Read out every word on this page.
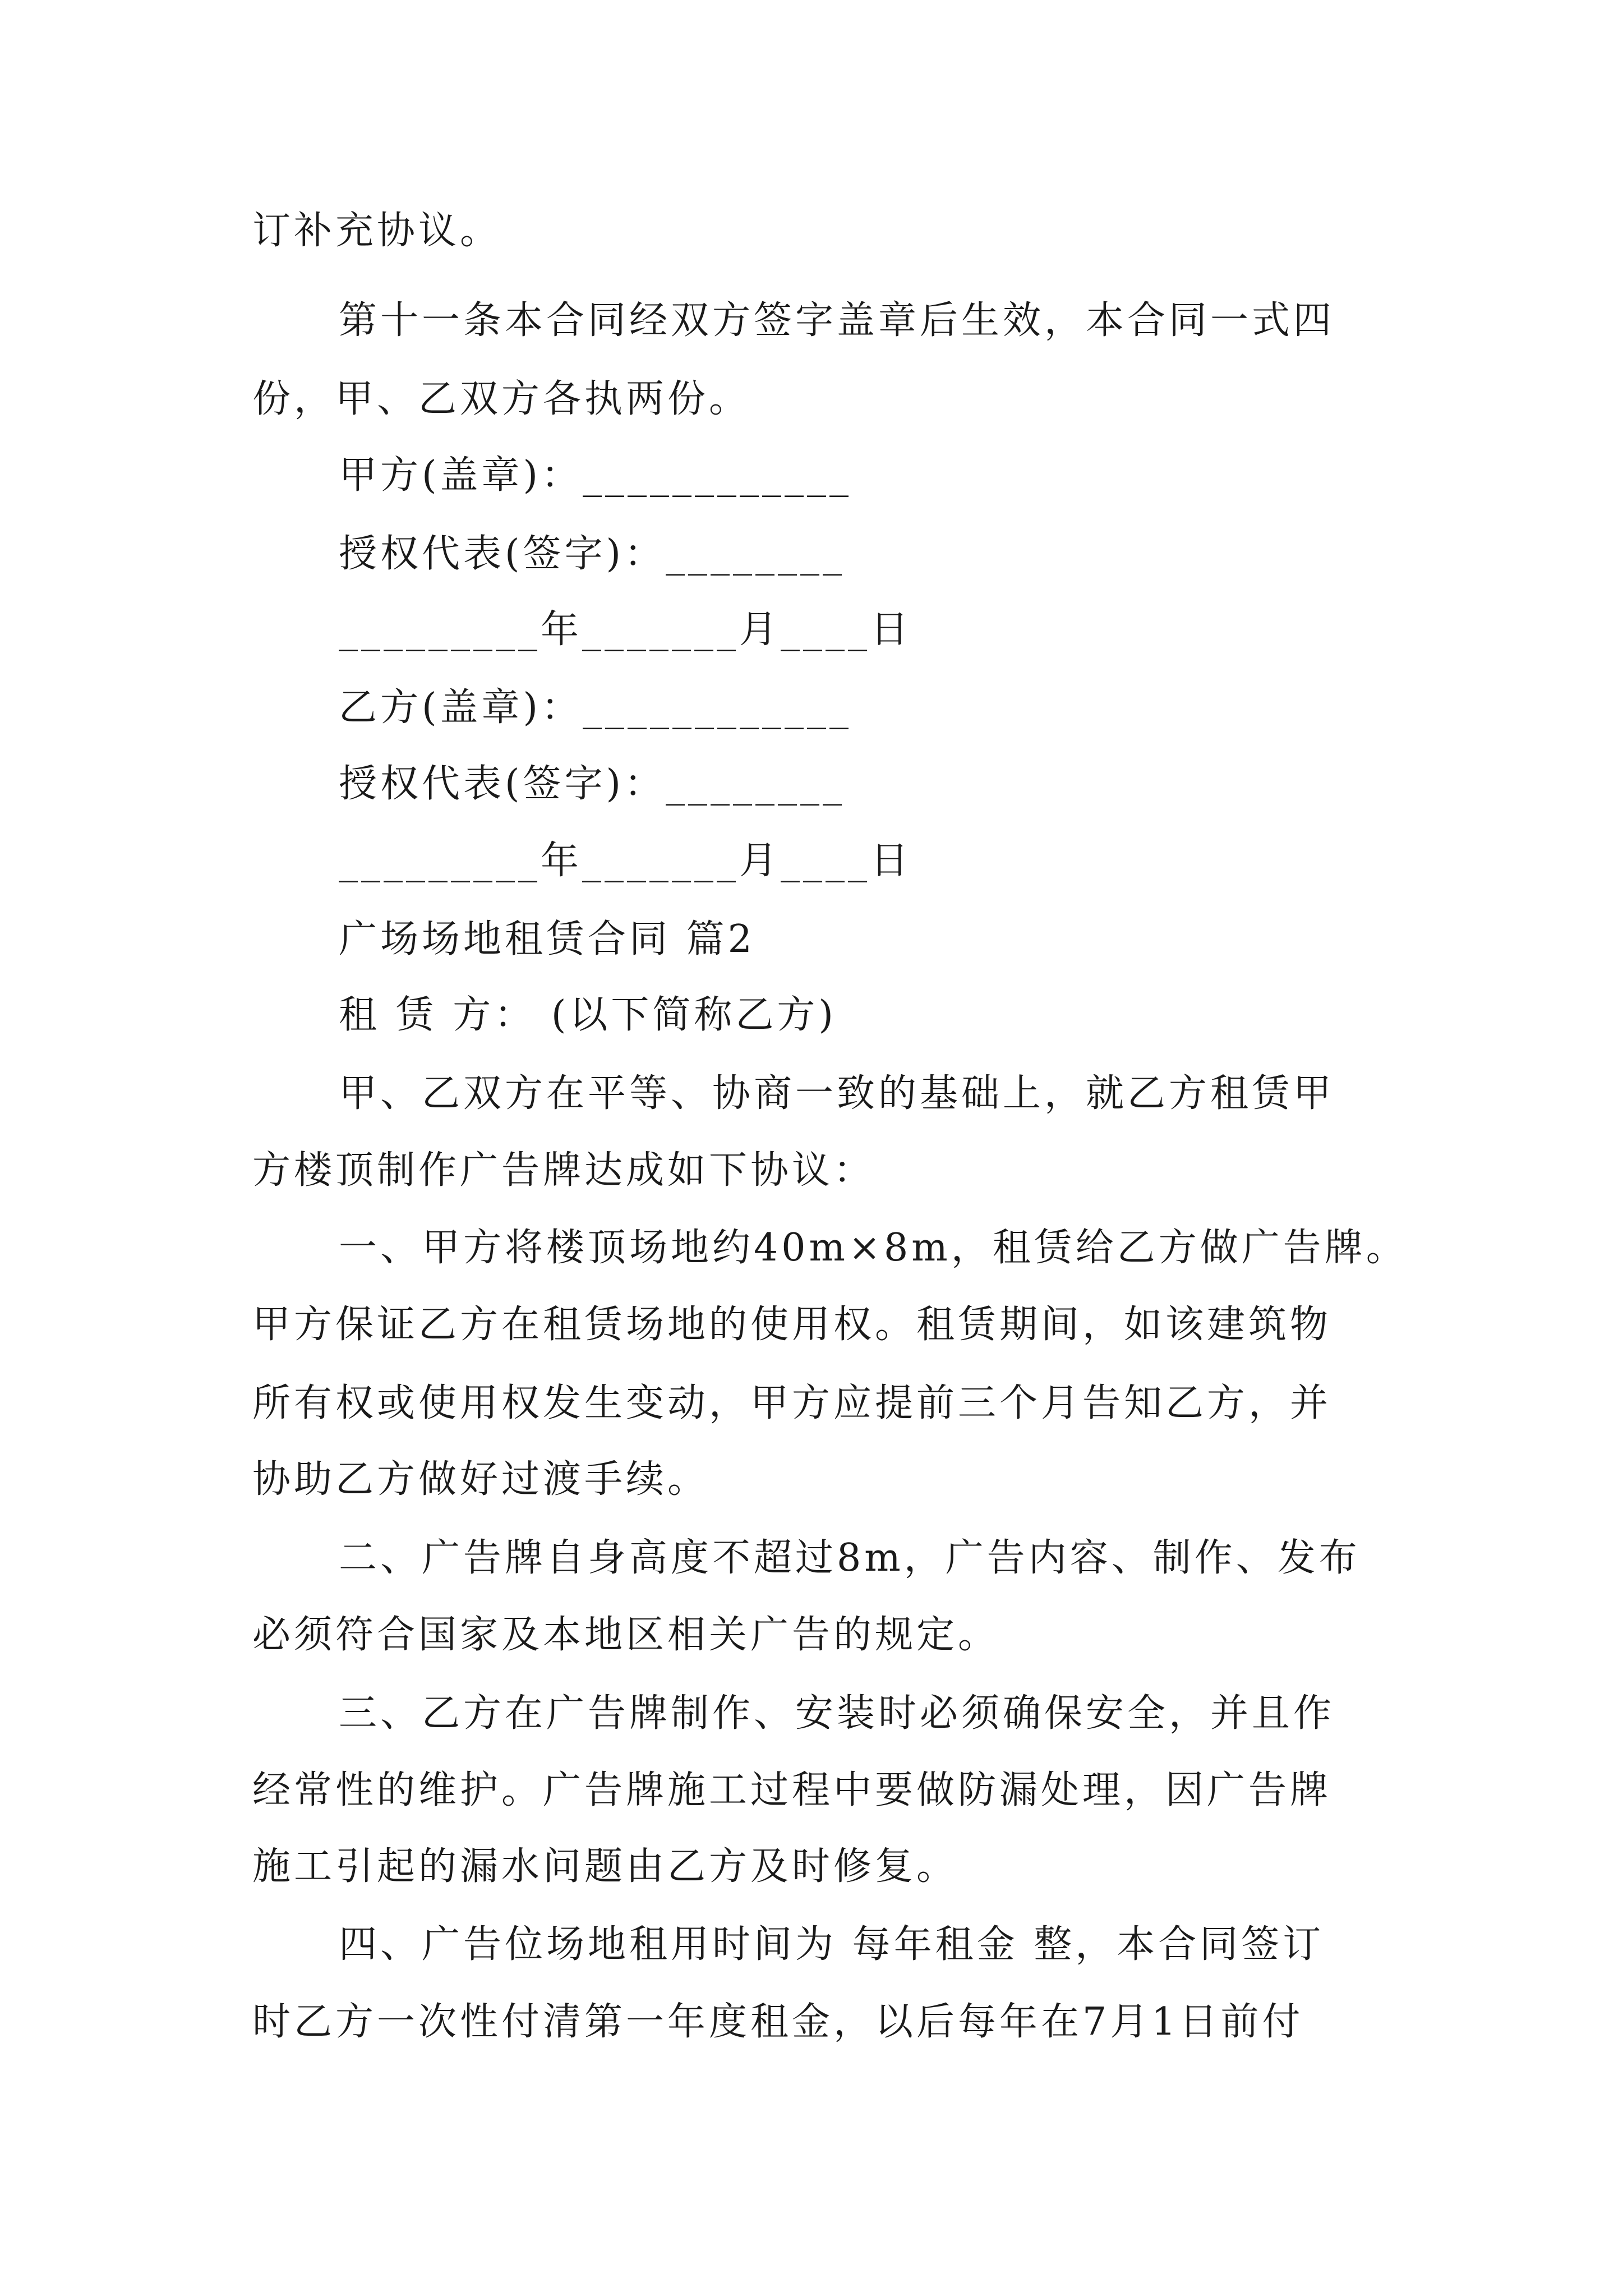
订补充协议。
第十一条本合同经双方签字盖章后生效，本合同一式四
份，甲、乙双方各执两份。
甲方(盖章)：____________
授权代表(签字)：________
_________年_______月____日
乙方(盖章)：____________
授权代表(签字)：________
_________年_______月____日
广场场地租赁合同 篇2
租 赁 方： (以下简称乙方)
甲、乙双方在平等、协商一致的基础上，就乙方租赁甲
方楼顶制作广告牌达成如下协议：
一、甲方将楼顶场地约40m×8m，租赁给乙方做广告牌。
甲方保证乙方在租赁场地的使用权。租赁期间，如该建筑物
所有权或使用权发生变动，甲方应提前三个月告知乙方，并
协助乙方做好过渡手续。
二、广告牌自身高度不超过8m，广告内容、制作、发布
必须符合国家及本地区相关广告的规定。
三、乙方在广告牌制作、安装时必须确保安全，并且作
经常性的维护。广告牌施工过程中要做防漏处理，因广告牌
施工引起的漏水问题由乙方及时修复。
四、广告位场地租用时间为 每年租金 整，本合同签订
时乙方一次性付清第一年度租金，以后每年在7月1日前付
